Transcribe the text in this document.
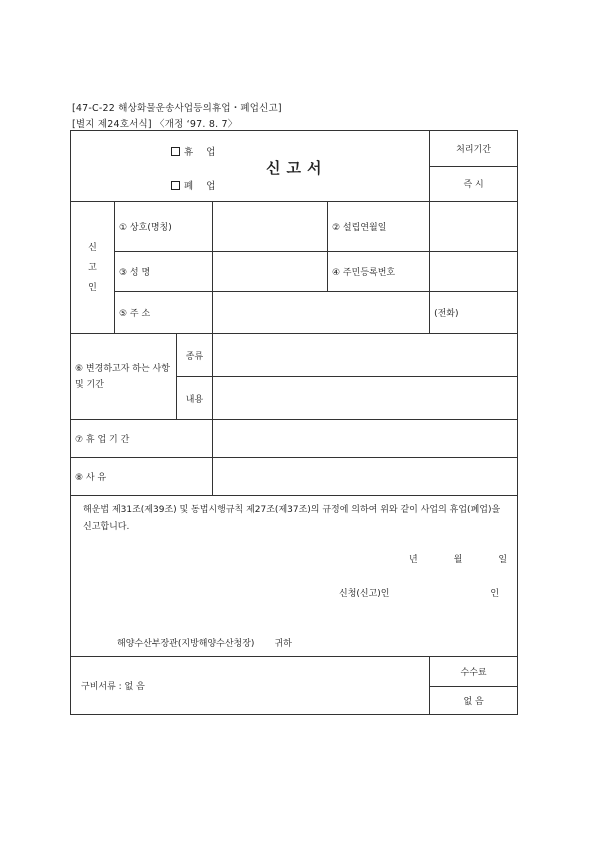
[47-C-22 해상화물운송사업등의휴업・폐업신고]
[별지 제24호서식] 〈개정 ‘97. 8. 7〉
휴 업
폐 업
신고서					처리기간
					즉 시
신
고
인	① 상호(명칭)			② 설립연월일	
	③ 성 명			④ 주민등록번호	
	⑤ 주 소				(전화)
⑥ 변경하고자 하는 사항 및 기간		종류			
		내용			
⑦ 휴 업 기 간					
⑧ 사 유					

해운법 제31조(제39조) 및 동법시행규칙 제27조(제37조)의 규정에 의하여 위와 같이 사업의 휴업(폐업)을 신고합니다.
년 월 일
신청(신고)인 인
해양수산부장관(지방해양수산청장) 귀하					

구비서류 : 없 음					수수료
					없 음
